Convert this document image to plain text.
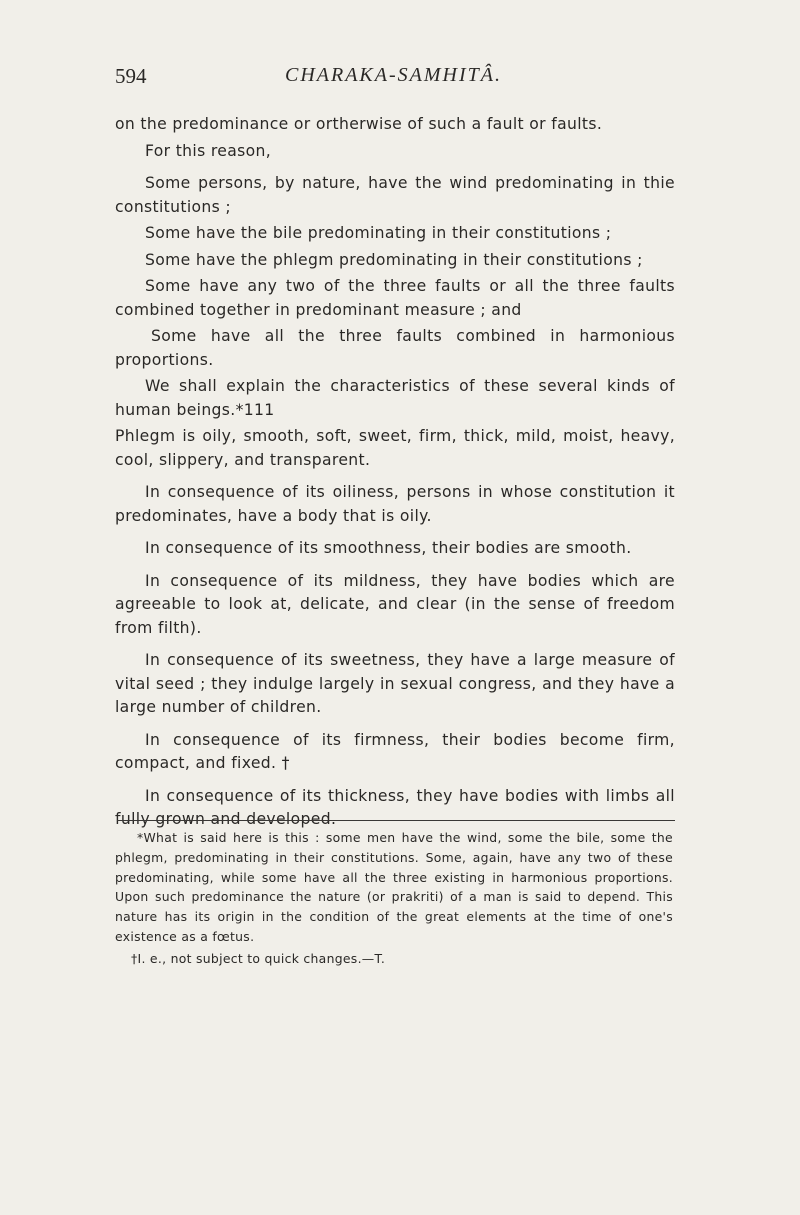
594	CHARAKA-SAMHITÂ.

on the predominance or ortherwise of such a fault or faults.

For this reason,

Some persons, by nature, have the wind predominating in thie constitutions ;

Some have the bile predominating in their constitutions ;

Some have the phlegm predominating in their constitutions ;

Some have any two of the three faults or all the three faults combined together in predominant measure ; and

Some have all the three faults combined in harmonious proportions.

We shall explain the characteristics of these several kinds of human beings.*111

Phlegm is oily, smooth, soft, sweet, firm, thick, mild, moist, heavy, cool, slippery, and transparent.

In consequence of its oiliness, persons in whose constitution it predominates, have a body that is oily.

In consequence of its smoothness, their bodies are smooth.

In consequence of its mildness, they have bodies which are agreeable to look at, delicate, and clear (in the sense of freedom from filth).

In consequence of its sweetness, they have a large measure of vital seed ; they indulge largely in sexual congress, and they have a large number of children.

In consequence of its firmness, their bodies become firm, compact, and fixed. †

In consequence of its thickness, they have bodies with limbs all fully grown and developed.

*What is said here is this : some men have the wind, some the bile, some the phlegm, predominating in their constitutions. Some, again, have any two of these predominating, while some have all the three existing in harmonious proportions. Upon such predominance the nature (or prakriti) of a man is said to depend. This nature has its origin in the condition of the great elements at the time of one's existence as a fœtus.

†I. e., not subject to quick changes.—T.
